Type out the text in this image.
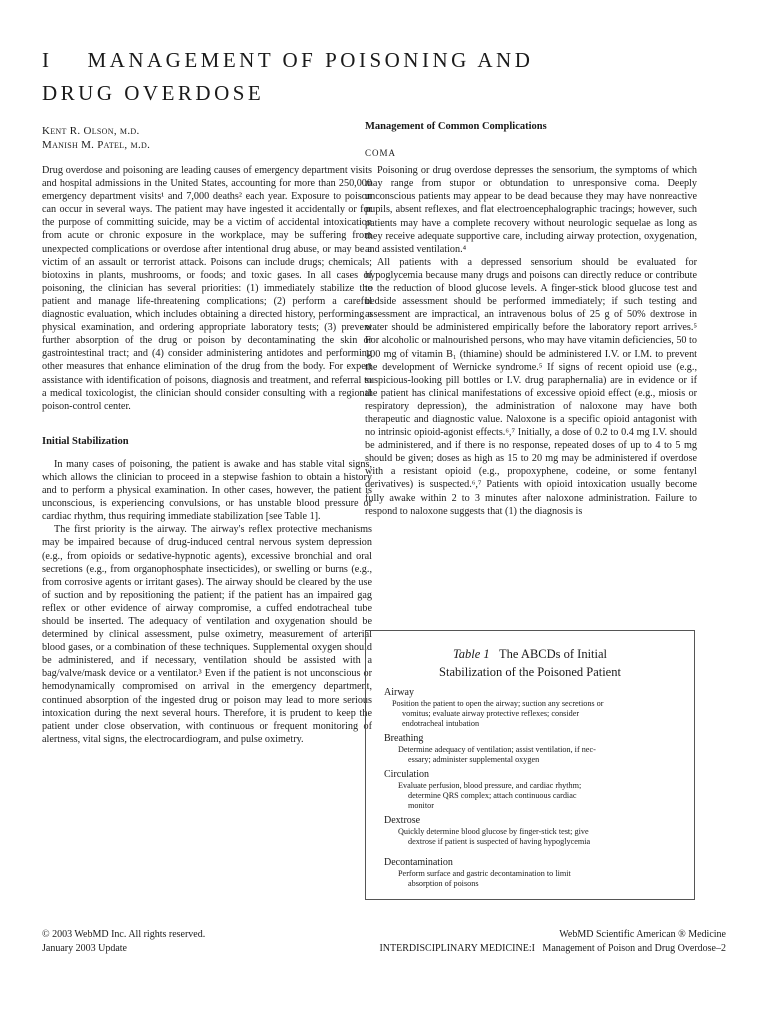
I    MANAGEMENT OF POISONING AND
DRUG OVERDOSE
Kent R. Olson, m.d.
Manish M. Patel, m.d.

Drug overdose and poisoning are leading causes of emergency department visits and hospital admissions in the United States, accounting for more than 250,000 emergency department visits¹ and 7,000 deaths² each year. Exposure to poison can occur in several ways. The patient may have ingested it accidentally or for the purpose of committing suicide, may be a victim of accidental intoxication from acute or chronic exposure in the workplace, may be suffering from unexpected complications or overdose after intentional drug abuse, or may be a victim of an assault or terrorist attack. Poisons can include drugs; chemicals; biotoxins in plants, mushrooms, or foods; and toxic gases. In all cases of poisoning, the clinician has several priorities: (1) immediately stabilize the patient and manage life-threatening complications; (2) perform a careful diagnostic evaluation, which includes obtaining a directed history, performing a physical examination, and ordering appropriate laboratory tests; (3) prevent further absorption of the drug or poison by decontaminating the skin or gastrointestinal tract; and (4) consider administering antidotes and performing other measures that enhance elimination of the drug from the body. For expert assistance with identification of poisons, diagnosis and treatment, and referral to a medical toxicologist, the clinician should consider consulting with a regional poison-control center.

Initial Stabilization

In many cases of poisoning, the patient is awake and has stable vital signs, which allows the clinician to proceed in a stepwise fashion to obtain a history and to perform a physical examination. In other cases, however, the patient is unconscious, is experiencing convulsions, or has unstable blood pressure or cardiac rhythm, thus requiring immediate stabilization [see Table 1].

The first priority is the airway. The airway's reflex protective mechanisms may be impaired because of drug-induced central nervous system depression (e.g., from opioids or sedative-hypnotic agents), excessive bronchial and oral secretions (e.g., from organophosphate insecticides), or swelling or burns (e.g., from corrosive agents or irritant gases). The airway should be cleared by the use of suction and by repositioning the patient; if the patient has an impaired gag reflex or other evidence of airway compromise, a cuffed endotracheal tube should be inserted. The adequacy of ventilation and oxygenation should be determined by clinical assessment, pulse oximetry, measurement of arterial blood gases, or a combination of these techniques. Supplemental oxygen should be administered, and if necessary, ventilation should be assisted with a bag/valve/mask device or a ventilator.³ Even if the patient is not unconscious or hemodynamically compromised on arrival in the emergency department, continued absorption of the ingested drug or poison may lead to more serious intoxication during the next several hours. Therefore, it is prudent to keep the patient under close observation, with continuous or frequent monitoring of alertness, vital signs, the electrocardiogram, and pulse oximetry.

Management of Common Complications

COMA

Poisoning or drug overdose depresses the sensorium, the symptoms of which may range from stupor or obtundation to unresponsive coma. Deeply unconscious patients may appear to be dead because they may have nonreactive pupils, absent reflexes, and flat electroencephalographic tracings; however, such patients may have a complete recovery without neurologic sequelae as long as they receive adequate supportive care, including airway protection, oxygenation, and assisted ventilation.⁴

All patients with a depressed sensorium should be evaluated for hypoglycemia because many drugs and poisons can directly reduce or contribute to the reduction of blood glucose levels. A finger-stick blood glucose test and bedside assessment should be performed immediately; if such testing and assessment are impractical, an intravenous bolus of 25 g of 50% dextrose in water should be administered empirically before the laboratory report arrives.⁵ For alcoholic or malnourished persons, who may have vitamin deficiencies, 50 to 100 mg of vitamin B₁ (thiamine) should be administered I.V. or I.M. to prevent the development of Wernicke syndrome.⁵ If signs of recent opioid use (e.g., suspicious-looking pill bottles or I.V. drug paraphernalia) are in evidence or if the patient has clinical manifestations of excessive opioid effect (e.g., miosis or respiratory depression), the administration of naloxone may have both therapeutic and diagnostic value. Naloxone is a specific opioid antagonist with no intrinsic opioid-agonist effects.⁶,⁷ Initially, a dose of 0.2 to 0.4 mg I.V. should be administered, and if there is no response, repeated doses of up to 4 to 5 mg should be given; doses as high as 15 to 20 mg may be administered if overdose with a resistant opioid (e.g., propoxyphene, codeine, or some fentanyl derivatives) is suspected.⁶,⁷ Patients with opioid intoxication usually become fully awake within 2 to 3 minutes after naloxone administration. Failure to respond to naloxone suggests that (1) the diagnosis is

Table 1 The ABCDs of Initial
Stabilization of the Poisoned Patient
Airway
Position the patient to open the airway; suction any secretions or
vomitus; evaluate airway protective reflexes; consider
endotracheal intubation
Breathing
Determine adequacy of ventilation; assist ventilation, if nec-
essary; administer supplemental oxygen
Circulation
Evaluate perfusion, blood pressure, and cardiac rhythm;
determine QRS complex; attach continuous cardiac
monitor
Dextrose
Quickly determine blood glucose by finger-stick test; give
dextrose if patient is suspected of having hypoglycemia
Decontamination
Perform surface and gastric decontamination to limit
absorption of poisons
© 2003 WebMD Inc. All rights reserved.
January 2003 Update
WebMD Scientific American ® Medicine
INTERDISCIPLINARY MEDICINE:I   Management of Poison and Drug Overdose–2
